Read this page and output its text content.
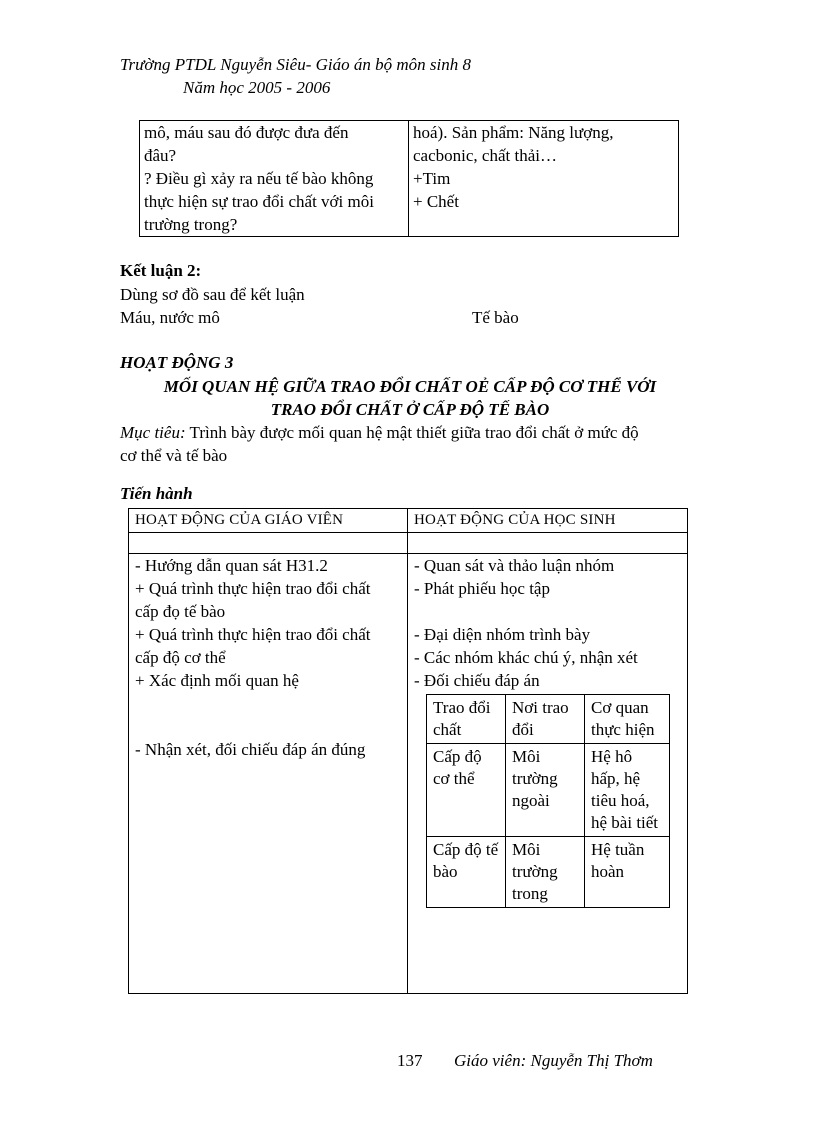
Trường PTDL Nguyễn Siêu- Giáo án bộ môn sinh 8
Năm học 2005 - 2006
mô, máu sau đó được đưa đến
đâu?
? Điều gì xảy ra nếu tế bào không
thực hiện sự trao đổi chất với môi
trường trong?

hoá). Sản phẩm: Năng lượng,
cacbonic, chất thải…
+Tim
+ Chết
Kết luận 2:
Dùng sơ đồ sau để kết luận
Máu, nước mô	Tế bào
HOẠT ĐỘNG 3
MỐI QUAN HỆ GIỮA TRAO ĐỔI CHẤT OẺ CẤP ĐỘ CƠ THỂ VỚI
TRAO ĐỔI CHẤT Ở CẤP ĐỘ TẾ BÀO
Mục tiêu: Trình bày được mối quan hệ mật thiết giữa trao đổi chất ở mức độ
cơ thể và tế bào
Tiến hành
HOẠT ĐỘNG CỦA GIÁO VIÊN	HOẠT ĐỘNG CỦA HỌC SINH

- Hướng dẫn quan sát H31.2
+ Quá trình thực hiện trao đổi chất
cấp đọ tế bào
+ Quá trình thực hiện trao đổi chất
cấp độ cơ thể
+ Xác định mối quan hệ
- Nhận xét, đối chiếu đáp án đúng

- Quan sát và thảo luận nhóm
- Phát phiếu học tập
- Đại diện nhóm trình bày
- Các nhóm khác chú ý, nhận xét
- Đối chiếu đáp án
Trao đổi chất	Nơi trao đổi	Cơ quan thực hiện
Cấp độ cơ thể	Môi trường ngoài	Hệ hô hấp, hệ tiêu hoá, hệ bài tiết
Cấp độ tế bào	Môi trường trong	Hệ tuần hoàn
137 Giáo viên: Nguyễn Thị Thơm
